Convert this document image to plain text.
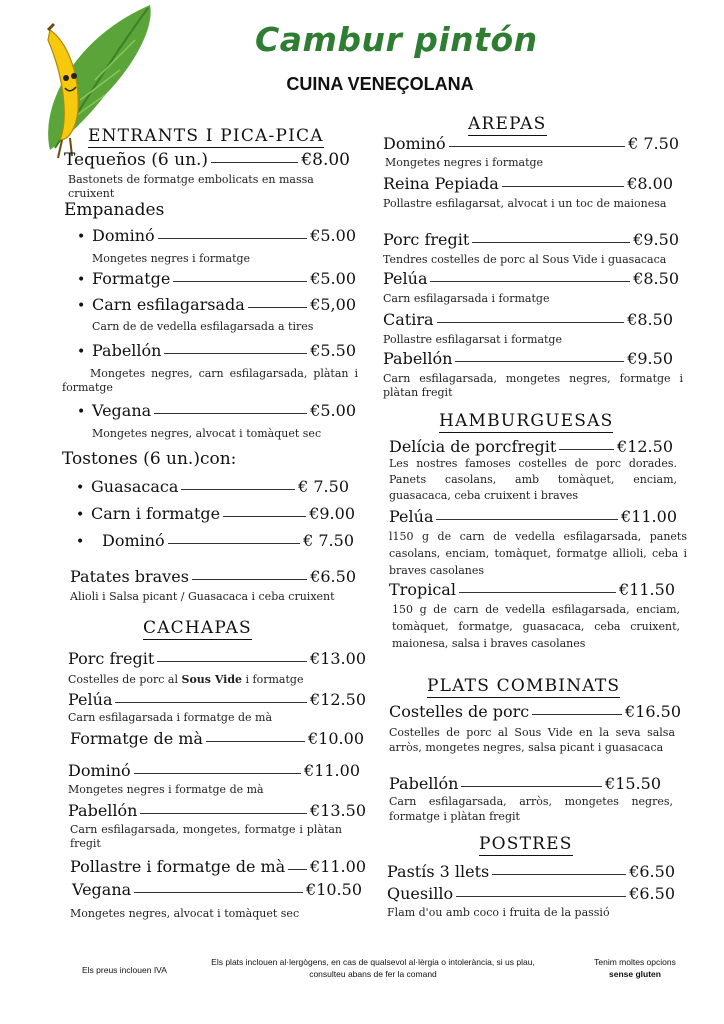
Cambur pintón
CUINA VENEÇOLANA
ENTRANTS I PICA-PICA
Tequeños (6 un.)	€8.00
Bastonets de formatge embolicats en massa cruixent
Empanades
• Dominó	€5.00
Mongetes negres i formatge
• Formatge	€5.00
• Carn esfilagarsada	€5,00
Carn de de vedella esfilagarsada a tires
• Pabellón	€5.50
Mongetes negres, carn esfilagarsada, plàtan i formatge
• Vegana	€5.00
Mongetes negres, alvocat i tomàquet sec
Tostones (6 un.)con:
• Guasacaca	€ 7.50
• Carn i formatge	€9.00
• Dominó	€ 7.50
Patates braves	€6.50
Alioli i Salsa picant / Guasacaca i ceba cruixent
CACHAPAS
Porc fregit	€13.00
Costelles de porc al Sous Vide i formatge
Pelúa	€12.50
Carn esfilagarsada i formatge de mà
Formatge de mà	€10.00
Dominó	€11.00
Mongetes negres i formatge de mà
Pabellón	€13.50
Carn esfilagarsada, mongetes, formatge i plàtan fregit
Pollastre i formatge de mà €11.00
Vegana	€10.50
Mongetes negres, alvocat i tomàquet sec
AREPAS
Dominó	€ 7.50
Mongetes negres i formatge
Reina Pepiada	€8.00
Pollastre esfilagarsat, alvocat i un toc de maionesa
Porc fregit	€9.50
Tendres costelles de porc al Sous Vide i guasacaca
Pelúa	€8.50
Carn esfilagarsada i formatge
Catira	€8.50
Pollastre esfilagarsat i formatge
Pabellón	€9.50
Carn esfilagarsada, mongetes negres, formatge i plàtan fregit
HAMBURGUESAS
Delícia de porcfregit	€12.50
Les nostres famoses costelles de porc dorades. Panets casolans, amb tomàquet, enciam, guasacaca, ceba cruixent i braves
Pelúa	€11.00
l150 g de carn de vedella esfilagarsada, panets casolans, enciam, tomàquet, formatge allioli, ceba i braves casolanes
Tropical	€11.50
150 g de carn de vedella esfilagarsada, enciam, tomàquet, formatge, guasacaca, ceba cruixent, maionesa, salsa i braves casolanes
PLATS COMBINATS
Costelles de porc	€16.50
Costelles de porc al Sous Vide en la seva salsa arròs, mongetes negres, salsa picant i guasacaca
Pabellón	€15.50
Carn esfilagarsada, arròs, mongetes negres, formatge i plàtan fregit
POSTRES
Pastís 3 llets	€6.50
Quesillo	€6.50
Flam d'ou amb coco i fruita de la passió
Els preus inclouen IVA
Els plats inclouen al·lergògens, en cas de qualsevol al·lèrgia o intolerància, si us plau, consulteu abans de fer la comand
Tenim moltes opcions
sense gluten
